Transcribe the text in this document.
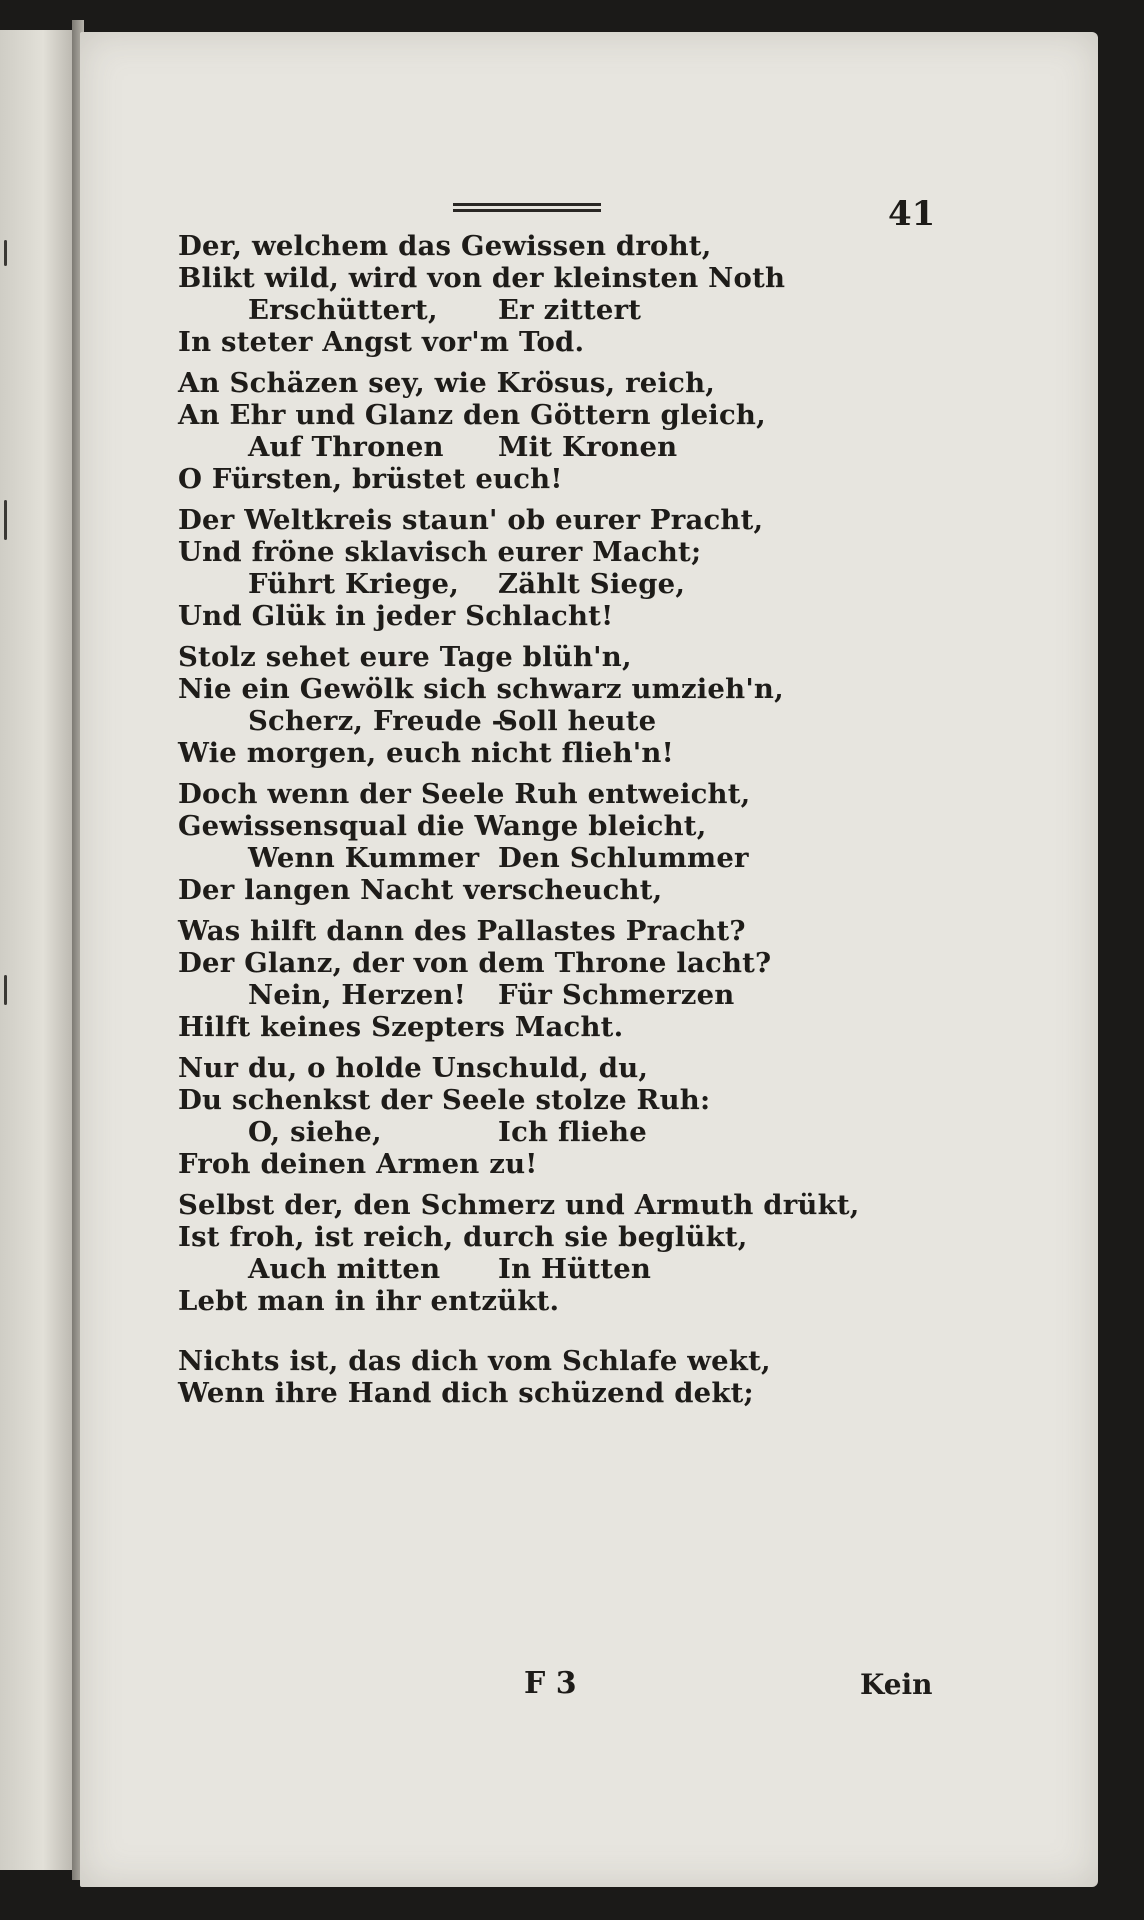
41
Der, welchem das Gewissen droht,
Blikt wild, wird von der kleinsten Noth
Erschüttert,	Er zittert
In steter Angst vor'm Tod.
An Schäzen sey, wie Krösus, reich,
An Ehr und Glanz den Göttern gleich,
Auf Thronen	Mit Kronen
O Fürsten, brüstet euch!
Der Weltkreis staun' ob eurer Pracht,
Und fröne sklavisch eurer Macht;
Führt Kriege,	Zählt Siege,
Und Glük in jeder Schlacht!
Stolz sehet eure Tage blüh'n,
Nie ein Gewölk sich schwarz umzieh'n,
Scherz, Freude --
Soll heute
Wie morgen, euch nicht flieh'n!
Doch wenn der Seele Ruh entweicht,
Gewissensqual die Wange bleicht,
Wenn Kummer Den Schlummer
Der langen Nacht verscheucht,
Was hilft dann des Pallastes Pracht?
Der Glanz, der von dem Throne lacht?
Nein, Herzen!	Für Schmerzen
Hilft keines Szepters Macht.
Nur du, o holde Unschuld, du,
Du schenkst der Seele stolze Ruh:
O, siehe,	Ich fliehe
Froh deinen Armen zu!
Selbst der, den Schmerz und Armuth drükt,
Ist froh, ist reich, durch sie beglükt,
Auch mitten	In Hütten
Lebt man in ihr entzükt.
Nichts ist, das dich vom Schlafe wekt,
Wenn ihre Hand dich schüzend dekt;
F 3	Kein
